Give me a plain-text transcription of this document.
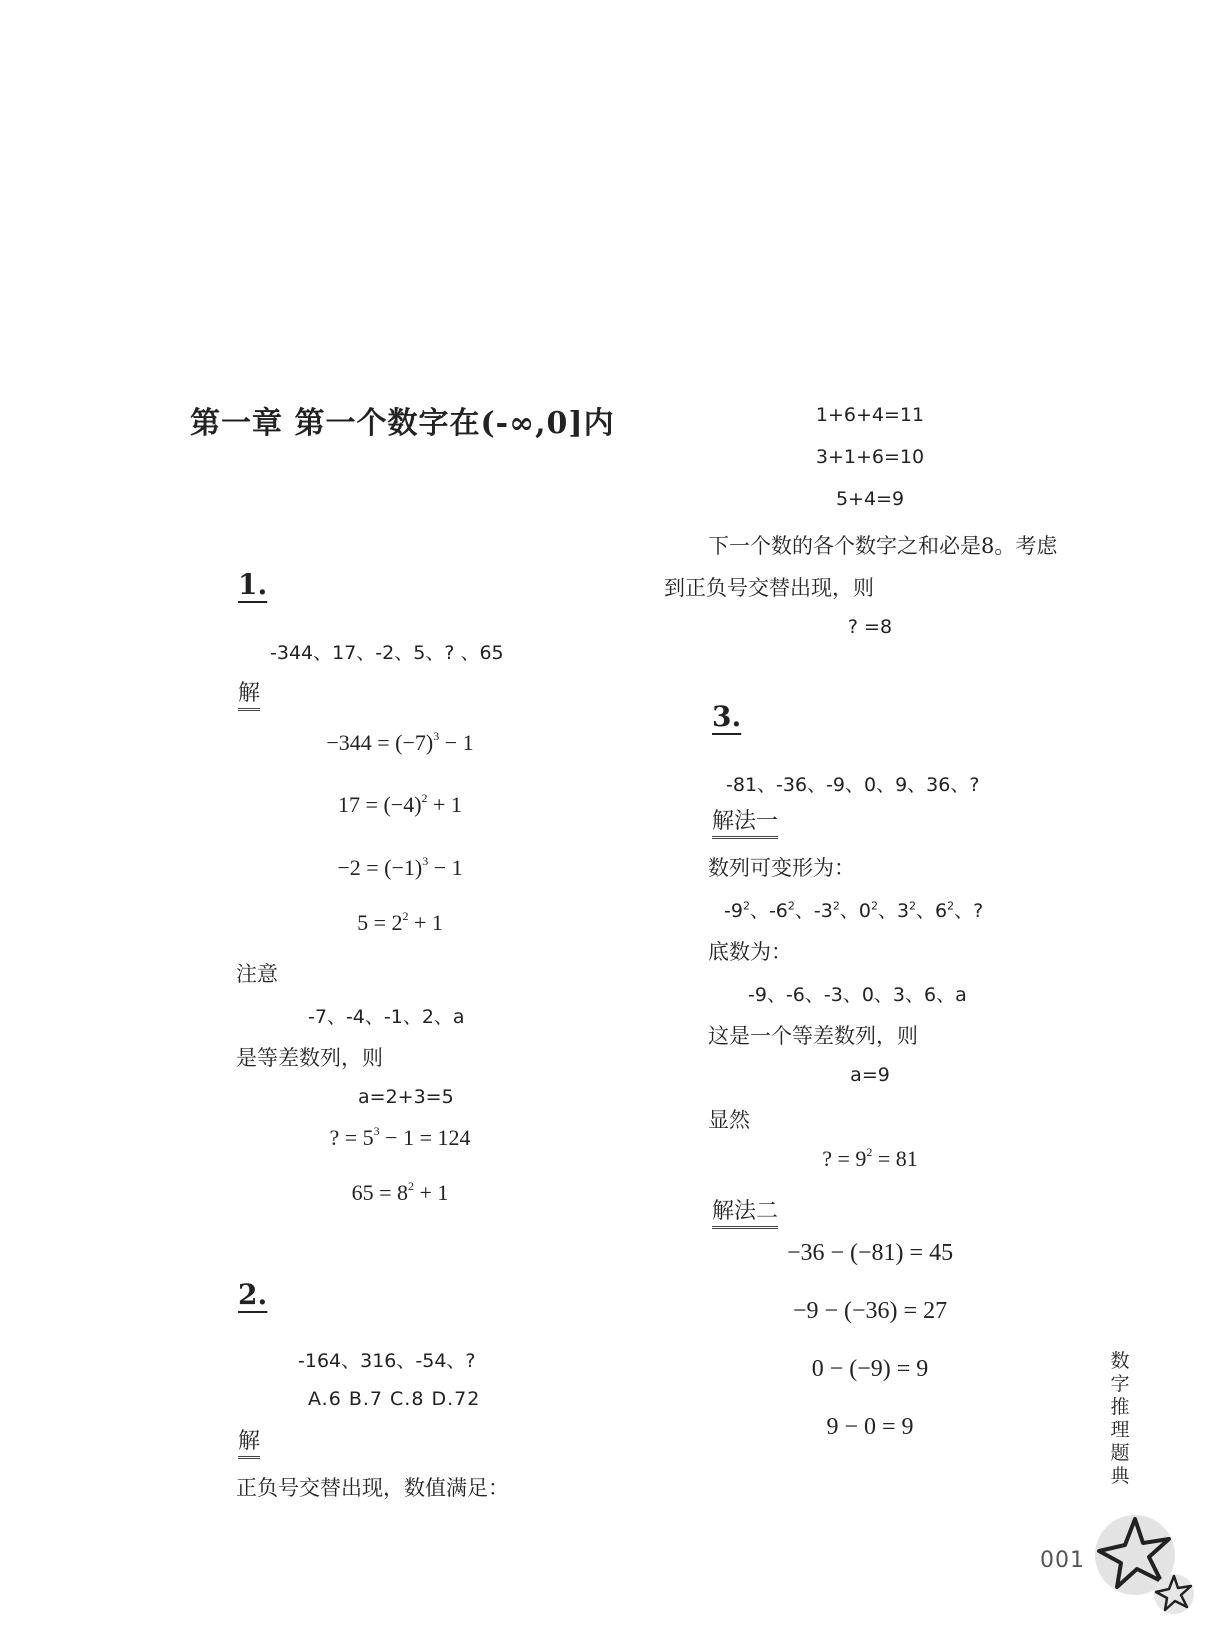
第一章 第一个数字在(-∞,0]内
1.
-344、17、-2、5、? 、65
解
$-344 = (-7)^3 - 1$
$17 = (-4)^2 + 1$
$-2 = (-1)^3 - 1$
$5 = 2^2 + 1$
注意
-7、-4、-1、2、a
是等差数列，则
a=2+3=5
? = $5^3 - 1 = 124$
$65 = 8^2 + 1$
2.
-164、316、-54、?
A.6 B.7 C.8 D.72
解
正负号交替出现，数值满足：
1+6+4=11
3+1+6=10
5+4=9
下一个数的各个数字之和必是8。考虑
到正负号交替出现，则
? =8
3.
-81、-36、-9、0、9、36、?
解法一
数列可变形为：
$-9^2$、$-6^2$、$-3^2$、$0^2$、$3^2$、$6^2$、?
底数为：
-9、-6、-3、0、3、6、a
这是一个等差数列，则
a=9
显然
? = $9^2 = 81$
解法二
−36 − (−81) = 45
−9 − (−36) = 27
0 − (−9) = 9
9 − 0 = 9
数
字
推
理
题
典
001
